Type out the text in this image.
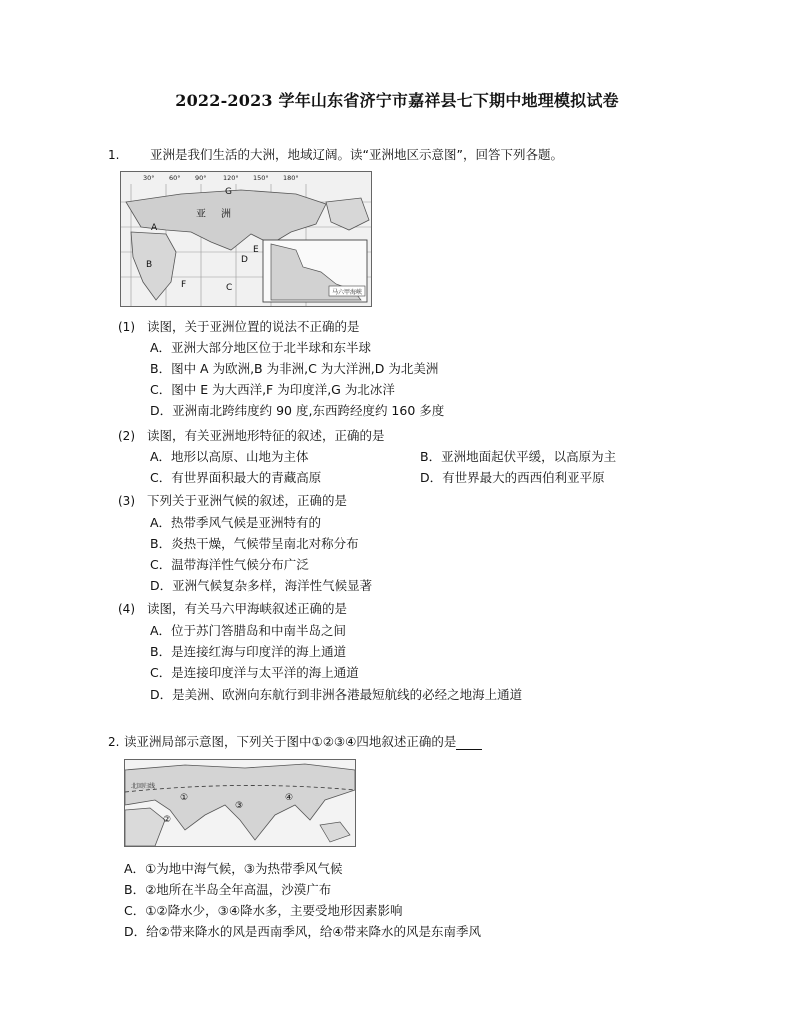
2022-2023 学年山东省济宁市嘉祥县七下期中地理模拟试卷
1. 亚洲是我们生活的大洲，地域辽阔。读“亚洲地区示意图”，回答下列各题。
马六甲海峡
30° 60° 90°	120° 150° 180°
A
B
C
D
E
F
G
亚 洲
(1) 读图，关于亚洲位置的说法不正确的是
A．亚洲大部分地区位于北半球和东半球
B．图中 A 为欧洲,B 为非洲,C 为大洋洲,D 为北美洲
C．图中 E 为大西洋,F 为印度洋,G 为北冰洋
D．亚洲南北跨纬度约 90 度,东西跨经度约 160 多度
(2) 读图，有关亚洲地形特征的叙述，正确的是
A．地形以高原、山地为主体	B．亚洲地面起伏平缓，以高原为主
C．有世界面积最大的青藏高原	D．有世界最大的西西伯利亚平原
(3) 下列关于亚洲气候的叙述，正确的是
A．热带季风气候是亚洲特有的
B．炎热干燥，气候带呈南北对称分布
C．温带海洋性气候分布广泛
D．亚洲气候复杂多样，海洋性气候显著
(4) 读图，有关马六甲海峡叙述正确的是
A．位于苏门答腊岛和中南半岛之间
B．是连接红海与印度洋的海上通道
C．是连接印度洋与太平洋的海上通道
D．是美洲、欧洲向东航行到非洲各港最短航线的必经之地海上通道
2. 读亚洲局部示意图，下列关于图中①②③④四地叙述正确的是
北回归线
①
②
③
④
A．①为地中海气候，③为热带季风气候
B．②地所在半岛全年高温，沙漠广布
C．①②降水少，③④降水多，主要受地形因素影响
D．给②带来降水的风是西南季风，给④带来降水的风是东南季风
